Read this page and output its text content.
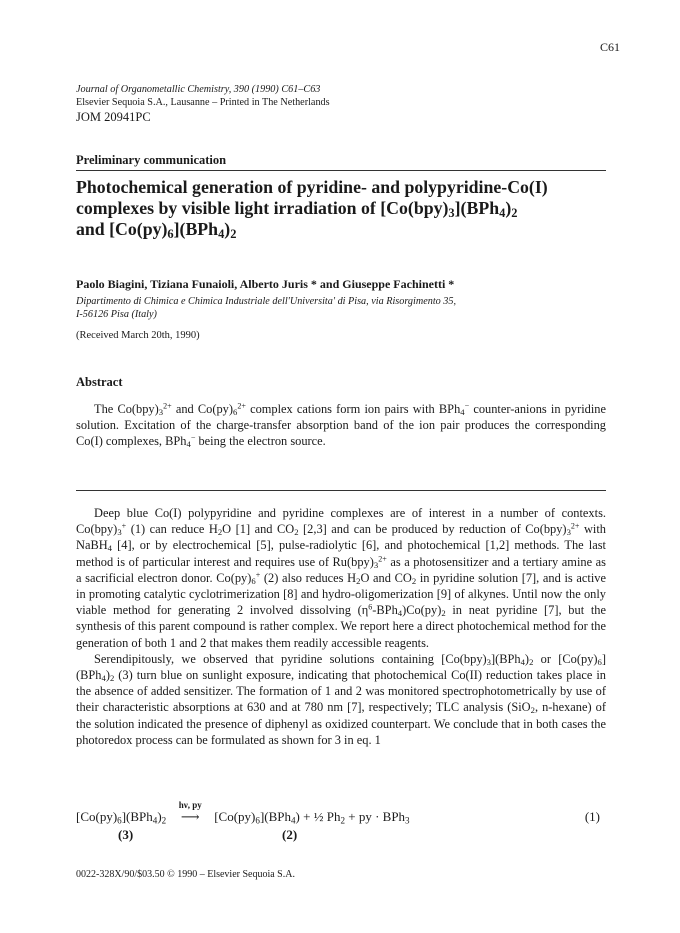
C61
Journal of Organometallic Chemistry, 390 (1990) C61–C63
Elsevier Sequoia S.A., Lausanne – Printed in The Netherlands
JOM 20941PC
Preliminary communication
Photochemical generation of pyridine- and polypyridine-Co(I)
complexes by visible light irradiation of $[Co(bpy)_3](BPh_4)_2$
and $[Co(py)_6](BPh_4)_2$
Paolo Biagini, Tiziana Funaioli, Alberto Juris * and Giuseppe Fachinetti *
Dipartimento di Chimica e Chimica Industriale dell'Universita' di Pisa, via Risorgimento 35,
I-56126 Pisa (Italy)
(Received March 20th, 1990)
Abstract
The $Co(bpy)_3^{2+}$ and $Co(py)_6^{2+}$ complex cations form ion pairs with BPh$_4$− counter-anions in pyridine solution. Excitation of the charge-transfer absorption band of the ion pair produces the corresponding Co(I) complexes, BPh$_4$− being the electron source.

Deep blue Co(I) polypyridine and pyridine complexes are of interest in a number of contexts. $Co(bpy)_3^+$ (1) can reduce $H_2O$ [1] and $CO_2$ [2,3] and can be produced by reduction of $Co(bpy)_3^{2+}$ with NaBH$_4$ [4], or by electrochemical [5], pulse-radiolytic [6], and photochemical [1,2] methods. The last method is of particular interest and requires use of $Ru(bpy)_3^{2+}$ as a photosensitizer and a tertiary amine as a sacrificial electron donor. $Co(py)_6^+$ (2) also reduces $H_2O$ and $CO_2$ in pyridine solution [7], and is active in promoting catalytic cyclotrimerization [8] and hydro-oligomerization [9] of alkynes. Until now the only viable method for generating 2 involved dissolving $(\eta^6-BPh_4)Co(py)_2$ in neat pyridine [7], but the synthesis of this parent compound is rather complex. We report here a direct photochemical method for the generation of both 1 and 2 that makes them readily accessible reagents.

Serendipitously, we observed that pyridine solutions containing $[Co(bpy)_3](BPh_4)_2$ or $[Co(py)_6](BPh_4)_2$ (3) turn blue on sunlight exposure, indicating that photochemical Co(II) reduction takes place in the absence of added sensitizer. The formation of 1 and 2 was monitored spectrophotometrically by use of their characteristic absorptions at 630 and at 780 nm [7], respectively; TLC analysis (SiO$_2$, n-hexane) of the solution indicated the presence of diphenyl as oxidized counterpart. We conclude that in both cases the photoredox process can be formulated as shown for 3 in eq. 1

$[Co(py)_6](BPh_4)_2$
hν, py
⟶ $[Co(py)_6](BPh_4)$ + ½ $Ph_2$ + py · BPh$_3$	(1)
(3)	(2)
0022-328X/90/$03.50 © 1990 – Elsevier Sequoia S.A.
